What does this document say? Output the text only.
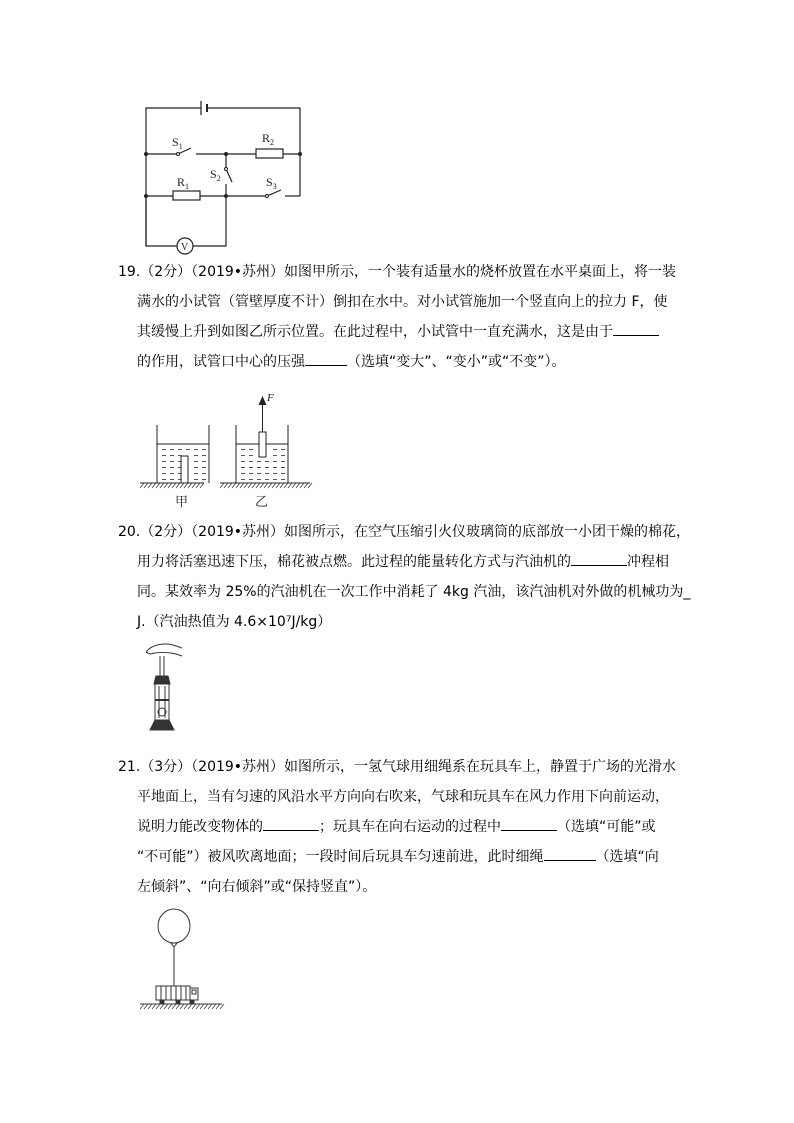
$S_1$
$R_2$
$S_2$
$R_1$	$S_3$
V
19.（2分）（2019•苏州）如图甲所示，一个装有适量水的烧杯放置在水平桌面上，将一装
满水的小试管（管壁厚度不计）倒扣在水中。对小试管施加一个竖直向上的拉力 F，使
其缓慢上升到如图乙所示位置。在此过程中，小试管中一直充满水，这是由于
的作用，试管口中心的压强	（选填“变大”、“变小”或“不变”）。
F
甲	乙
20.（2分）（2019•苏州）如图所示，在空气压缩引火仪玻璃筒的底部放一小团干燥的棉花，
用力将活塞迅速下压，棉花被点燃。此过程的能量转化方式与汽油机的	冲程相
同。某效率为 25%的汽油机在一次工作中消耗了 4kg 汽油，该汽油机对外做的机械功为_
J.（汽油热值为 4.6×10⁷J/kg）
21.（3分）（2019•苏州）如图所示，一氢气球用细绳系在玩具车上，静置于广场的光滑水
平地面上，当有匀速的风沿水平方向向右吹来，气球和玩具车在风力作用下向前运动，
说明力能改变物体的	；玩具车在向右运动的过程中	（选填“可能”或
“不可能”）被风吹离地面；一段时间后玩具车匀速前进，此时细绳	（选填“向
左倾斜”、“向右倾斜”或“保持竖直”）。
